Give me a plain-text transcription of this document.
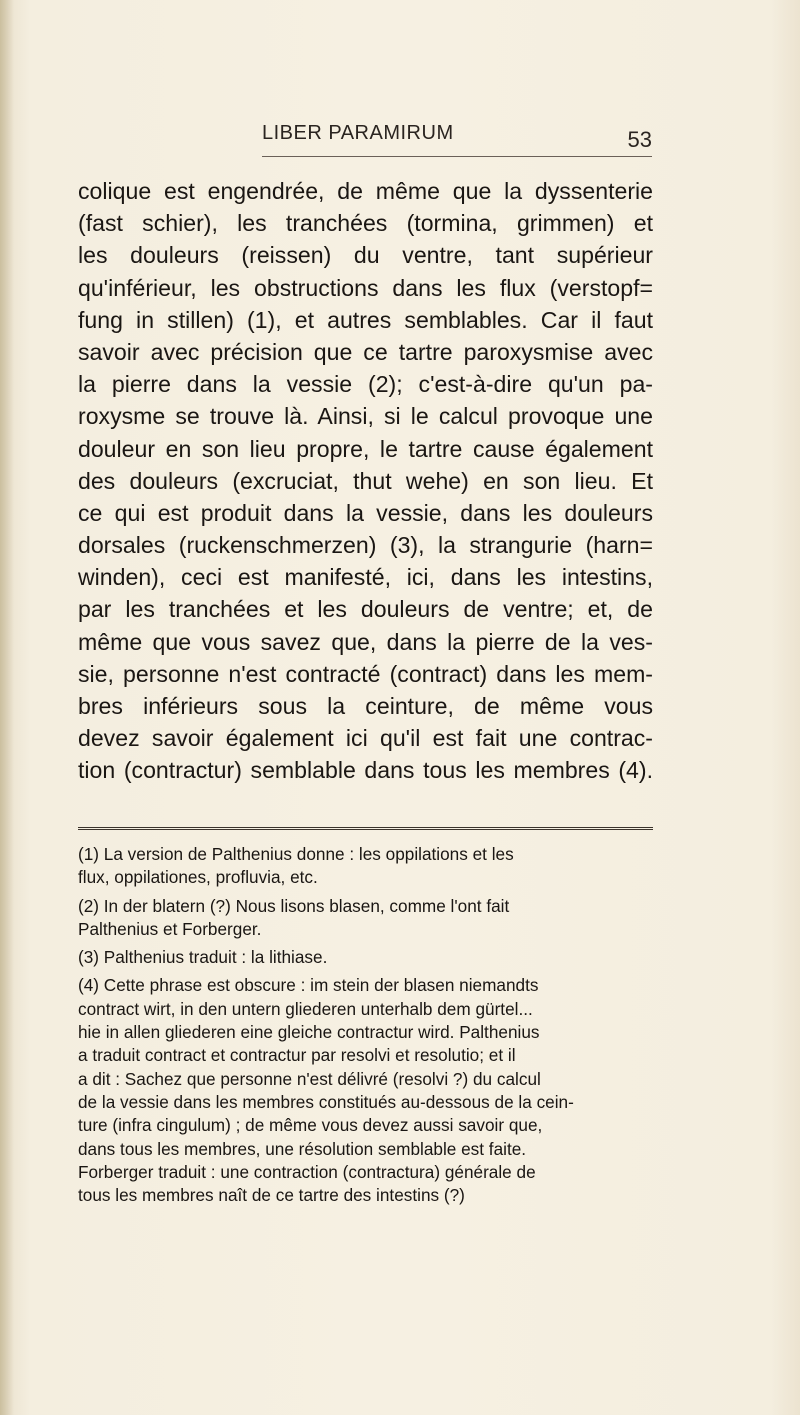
LIBER PARAMIRUM	53
colique est engendrée, de même que la dyssenterie
(fast schier), les tranchées (tormina, grimmen) et
les douleurs (reissen) du ventre, tant supérieur
qu'inférieur, les obstructions dans les flux (verstopf=
fung in stillen) (1), et autres semblables. Car il faut
savoir avec précision que ce tartre paroxysmise avec
la pierre dans la vessie (2); c'est-à-dire qu'un pa-
roxysme se trouve là. Ainsi, si le calcul provoque une
douleur en son lieu propre, le tartre cause également
des douleurs (excruciat, thut wehe) en son lieu. Et
ce qui est produit dans la vessie, dans les douleurs
dorsales (ruckenschmerzen) (3), la strangurie (harn=
winden), ceci est manifesté, ici, dans les intestins,
par les tranchées et les douleurs de ventre; et, de
même que vous savez que, dans la pierre de la ves-
sie, personne n'est contracté (contract) dans les mem-
bres inférieurs sous la ceinture, de même vous
devez savoir également ici qu'il est fait une contrac-
tion (contractur) semblable dans tous les membres (4).
(1) La version de Palthenius donne : les oppilations et les
flux, oppilationes, profluvia, etc.
(2) In der blatern (?) Nous lisons blasen, comme l'ont fait
Palthenius et Forberger.
(3) Palthenius traduit : la lithiase.
(4) Cette phrase est obscure : im stein der blasen niemandts
contract wirt, in den untern gliederen unterhalb dem gürtel...
hie in allen gliederen eine gleiche contractur wird. Palthenius
a traduit contract et contractur par resolvi et resolutio; et il
a dit : Sachez que personne n'est délivré (resolvi ?) du calcul
de la vessie dans les membres constitués au-dessous de la cein-
ture (infra cingulum) ; de même vous devez aussi savoir que,
dans tous les membres, une résolution semblable est faite.
Forberger traduit : une contraction (contractura) générale de
tous les membres naît de ce tartre des intestins (?)
